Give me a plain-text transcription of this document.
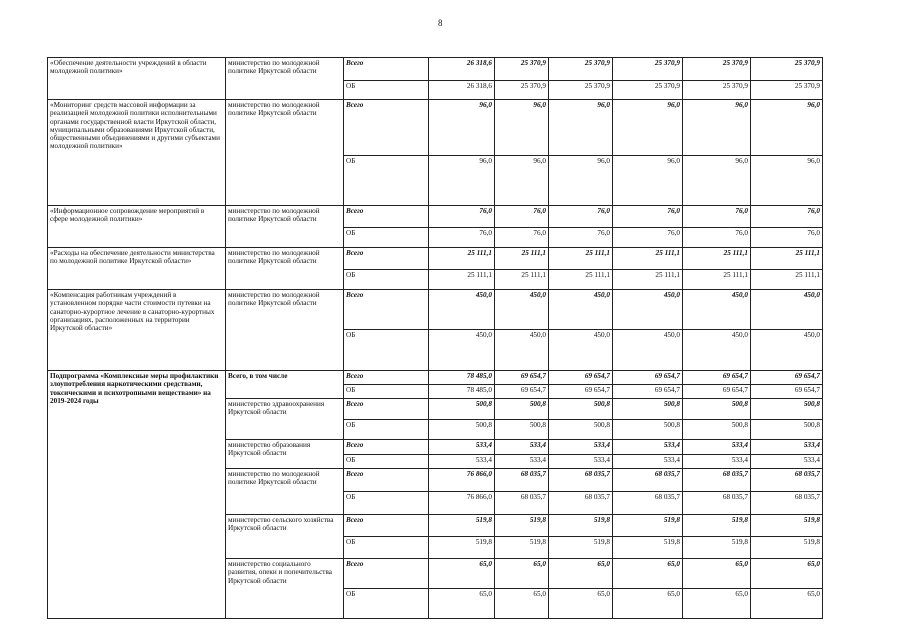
8
«Обеспечение деятельности учреждений в области молодежной политики»	министерство по молодежной политике Иркутской области	Всего	26 318,6	25 370,9	25 370,9	25 370,9	25 370,9	25 370,9
		ОБ	26 318,6	25 370,9	25 370,9	25 370,9	25 370,9	25 370,9
«Мониторинг средств массовой информации за реализацией молодежной политики исполнительными органами государственной власти Иркутской области, муниципальными образованиями Иркутской области, общественными объединениями и другими субъектами молодежной политики»	министерство по молодежной политике Иркутской области	Всего	96,0	96,0	96,0	96,0	96,0	96,0
		ОБ	96,0	96,0	96,0	96,0	96,0	96,0
«Информационное сопровождение мероприятий в сфере молодежной политики»	министерство по молодежной политике Иркутской области	Всего	76,0	76,0	76,0	76,0	76,0	76,0
		ОБ	76,0	76,0	76,0	76,0	76,0	76,0
«Расходы на обеспечение деятельности министерства по молодежной политике Иркутской области»	министерство по молодежной политике Иркутской области	Всего	25 111,1	25 111,1	25 111,1	25 111,1	25 111,1	25 111,1
		ОБ	25 111,1	25 111,1	25 111,1	25 111,1	25 111,1	25 111,1
«Компенсация работникам учреждений в установленном порядке части стоимости путевки на санаторно-курортное лечение в санаторно-курортных организациях, расположенных на территории Иркутской области»	министерство по молодежной политике Иркутской области	Всего	450,0	450,0	450,0	450,0	450,0	450,0
		ОБ	450,0	450,0	450,0	450,0	450,0	450,0
Подпрограмма «Комплексные меры профилактики злоупотребления наркотическими средствами, токсическими и психотропными веществами» на 2019-2024 годы	Всего, в том числе	Всего	78 485,0	69 654,7	69 654,7	69 654,7	69 654,7	69 654,7
		ОБ	78 485,0	69 654,7	69 654,7	69 654,7	69 654,7	69 654,7
	министерство здравоохранения Иркутской области	Всего	500,8	500,8	500,8	500,8	500,8	500,8
		ОБ	500,8	500,8	500,8	500,8	500,8	500,8
	министерство образования Иркутской области	Всего	533,4	533,4	533,4	533,4	533,4	533,4
		ОБ	533,4	533,4	533,4	533,4	533,4	533,4
	министерство по молодежной политике Иркутской области	Всего	76 866,0	68 035,7	68 035,7	68 035,7	68 035,7	68 035,7
		ОБ	76 866,0	68 035,7	68 035,7	68 035,7	68 035,7	68 035,7
	министерство сельского хозяйства Иркутской области	Всего	519,8	519,8	519,8	519,8	519,8	519,8
		ОБ	519,8	519,8	519,8	519,8	519,8	519,8
	министерство социального развития, опеки и попечительства Иркутской области	Всего	65,0	65,0	65,0	65,0	65,0	65,0
		ОБ	65,0	65,0	65,0	65,0	65,0	65,0
